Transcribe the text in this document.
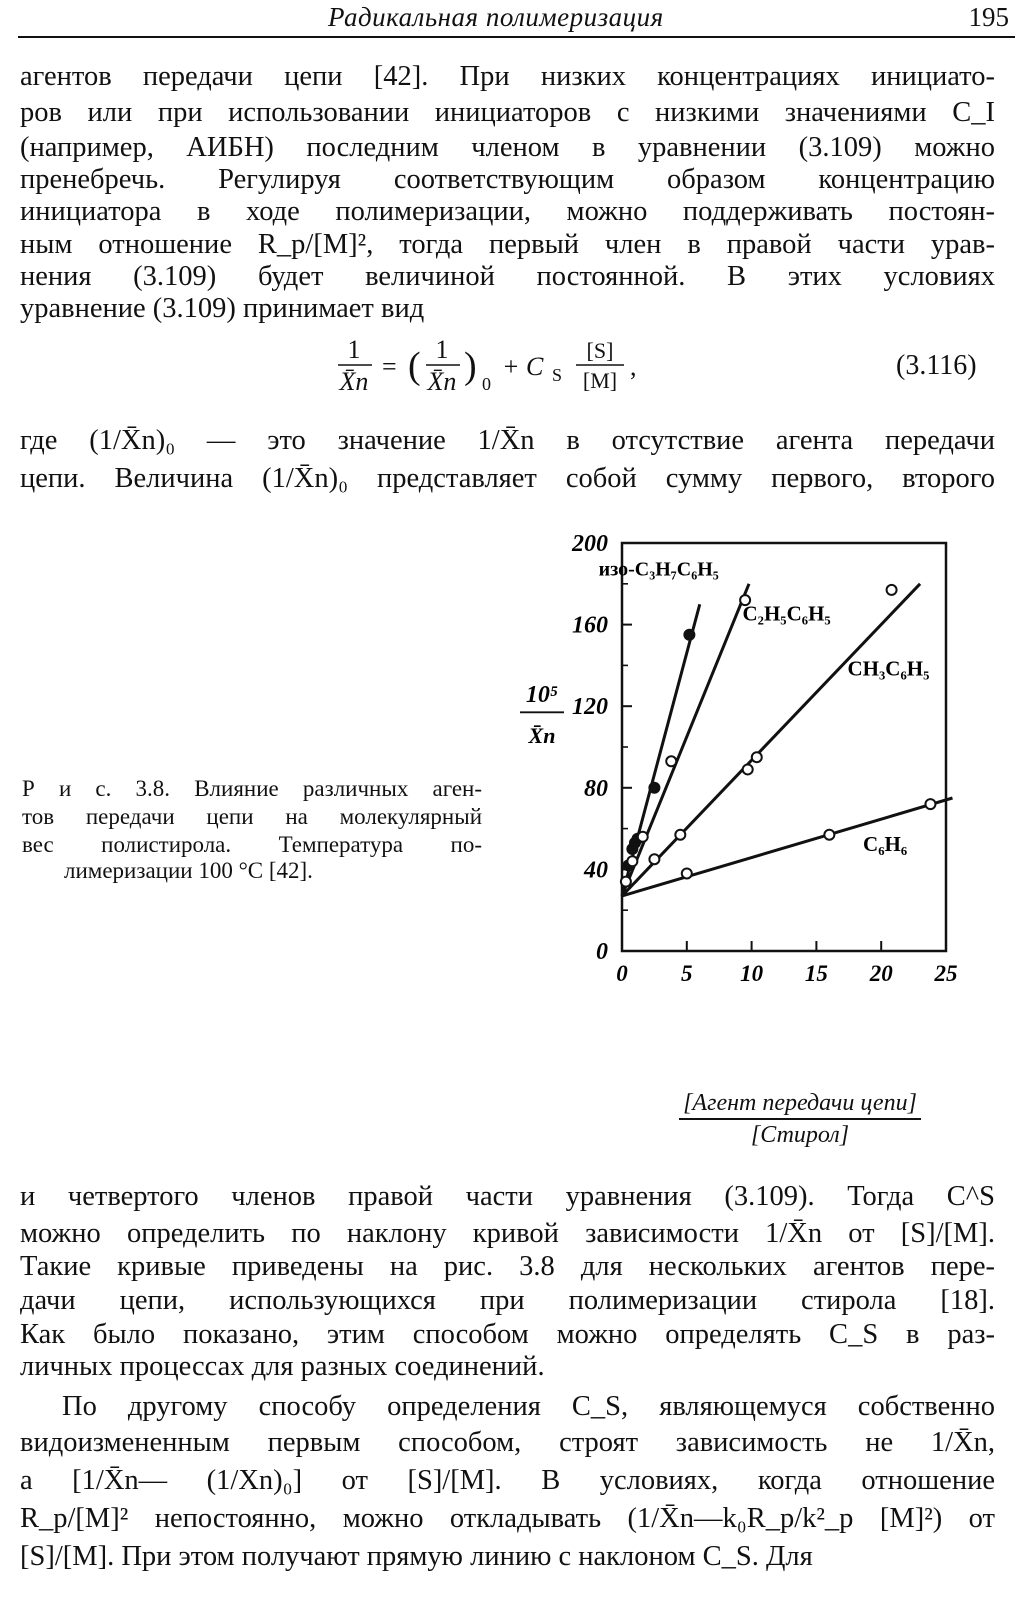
Радикальная полимеризация	195
агентов передачи цепи [42]. При низких концентрациях инициато-
ров или при использовании инициаторов с низкими значениями C_I
(например, АИБН) последним членом в уравнении (3.109) можно
пренебречь. Регулируя соответствующим образом концентрацию
инициатора в ходе полимеризации, можно поддерживать постоян-
ным отношение R_p/[M]², тогда первый член в правой части урав-
нения (3.109) будет величиной постоянной. В этих условиях
уравнение (3.109) принимает вид
1
X̄n
= ( 1
X̄n ) 0
+ C S
[S]
[M] ,	(3.116)
где (1/X̄n)₀ — это значение 1/X̄n в отсутствие агента передачи
цепи. Величина (1/X̄n)₀ представляет собой сумму первого, второго
Р и с. 3.8. Влияние различных аген-
тов передачи цепи на молекулярный
вес полистирола. Температура по-
лимеризации 100 °С [42].
0
40
80
120
160
200
0 5 10 15 20 25
изо-C₃H₇C₆H₅
C₂H₅C₆H₅
CH₃C₆H₅
C₆H₆
10⁵
X̄n
и четвертого членов правой части уравнения (3.109). Тогда C^S
можно определить по наклону кривой зависимости 1/X̄n от [S]/[M].
Такие кривые приведены на рис. 3.8 для нескольких агентов пере-
дачи цепи, использующихся при полимеризации стирола [18].
Как было показано, этим способом можно определять C_S в раз-
личных процессах для разных соединений.
По другому способу определения C_S, являющемуся собственно
видоизмененным первым способом, строят зависимость не 1/X̄n,
а [1/X̄n— (1/Xn)₀] от [S]/[M]. В условиях, когда отношение
R_p/[M]² непостоянно, можно откладывать (1/X̄n—k₀R_p/k²_p [M]²) от
[S]/[M]. При этом получают прямую линию с наклоном C_S. Для
[Агент передачи цепи]
[Стирол]
